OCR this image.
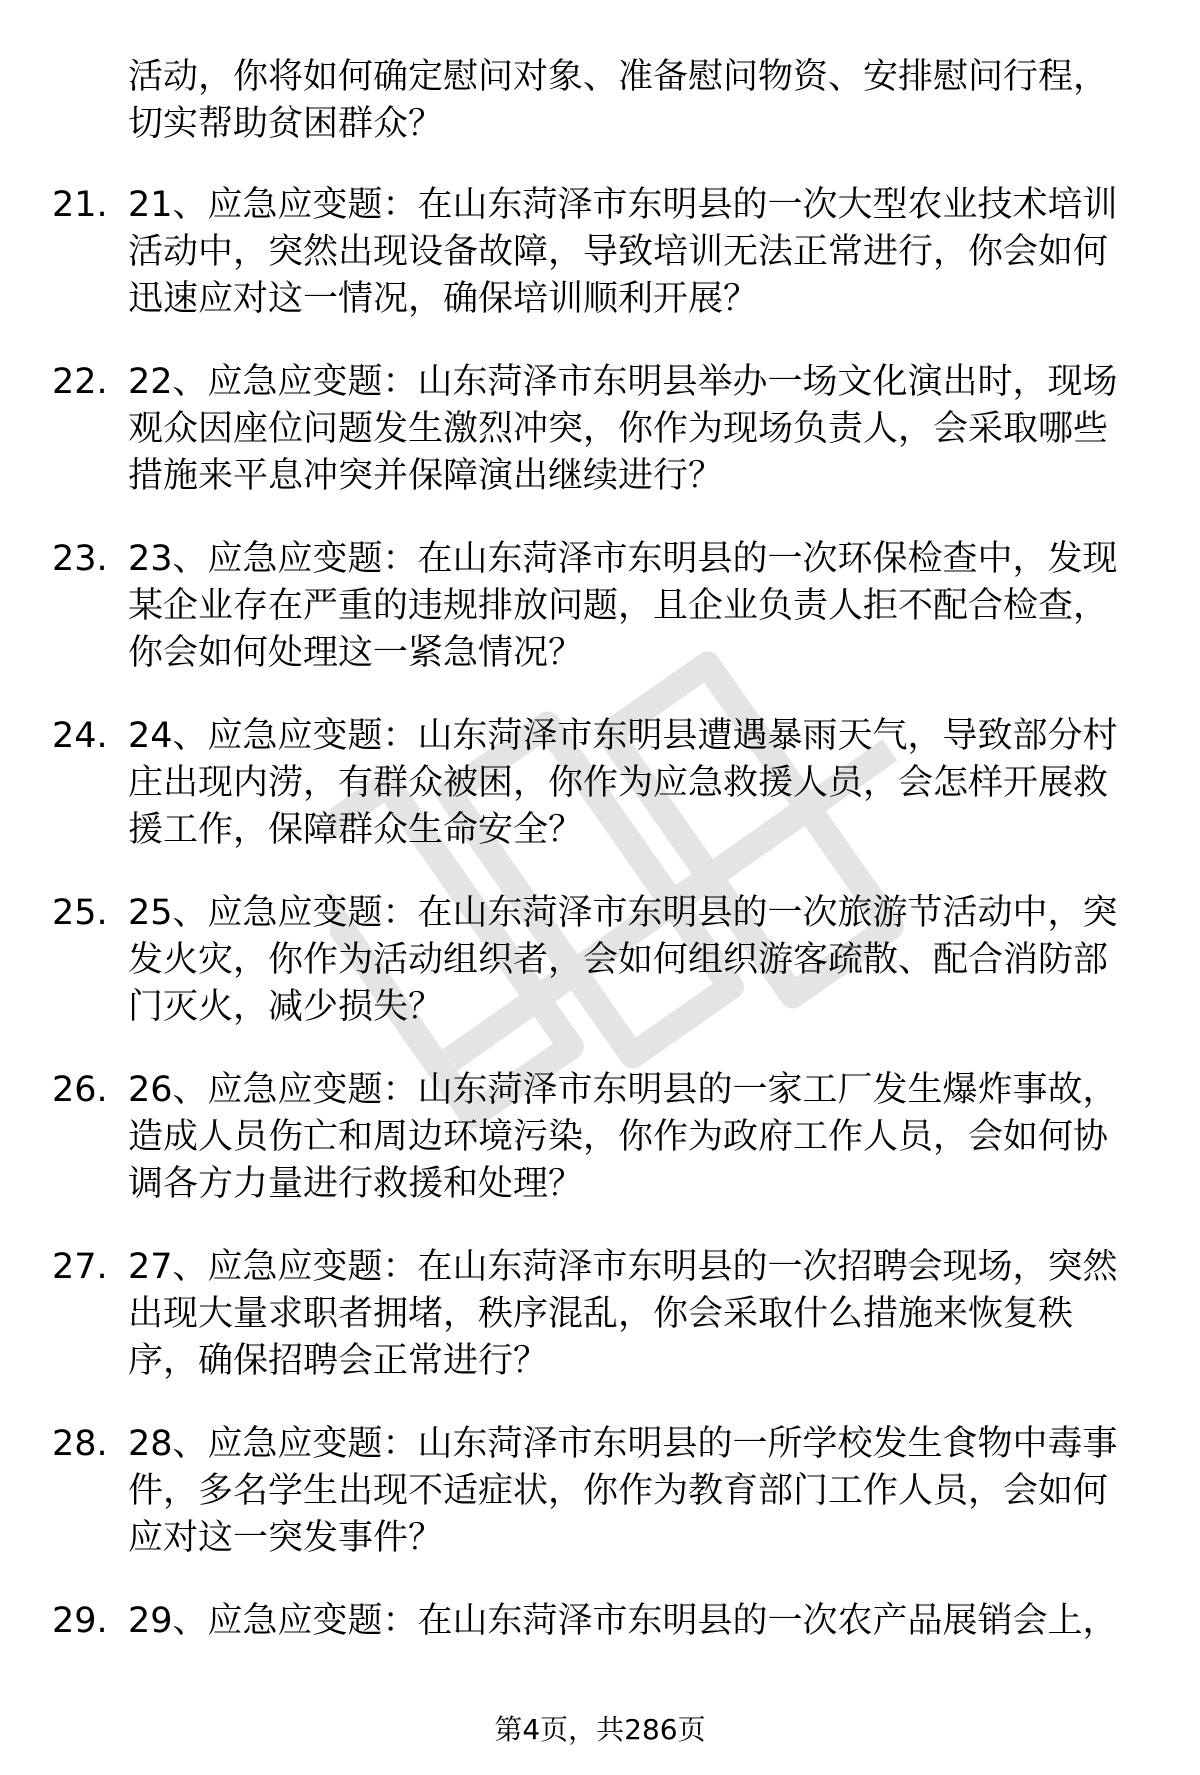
活动，你将如何确定慰问对象、准备慰问物资、安排慰问行程，
切实帮助贫困群众？
21. 21、应急应变题：在山东菏泽市东明县的一次大型农业技术培训
活动中，突然出现设备故障，导致培训无法正常进行，你会如何
迅速应对这一情况，确保培训顺利开展？
22. 22、应急应变题：山东菏泽市东明县举办一场文化演出时，现场
观众因座位问题发生激烈冲突，你作为现场负责人，会采取哪些
措施来平息冲突并保障演出继续进行？
23. 23、应急应变题：在山东菏泽市东明县的一次环保检查中，发现
某企业存在严重的违规排放问题，且企业负责人拒不配合检查，
你会如何处理这一紧急情况？
24. 24、应急应变题：山东菏泽市东明县遭遇暴雨天气，导致部分村
庄出现内涝，有群众被困，你作为应急救援人员，会怎样开展救
援工作，保障群众生命安全？
25. 25、应急应变题：在山东菏泽市东明县的一次旅游节活动中，突
发火灾，你作为活动组织者，会如何组织游客疏散、配合消防部
门灭火，减少损失？
26. 26、应急应变题：山东菏泽市东明县的一家工厂发生爆炸事故，
造成人员伤亡和周边环境污染，你作为政府工作人员，会如何协
调各方力量进行救援和处理？
27. 27、应急应变题：在山东菏泽市东明县的一次招聘会现场，突然
出现大量求职者拥堵，秩序混乱，你会采取什么措施来恢复秩
序，确保招聘会正常进行？
28. 28、应急应变题：山东菏泽市东明县的一所学校发生食物中毒事
件，多名学生出现不适症状，你作为教育部门工作人员，会如何
应对这一突发事件？
29. 29、应急应变题：在山东菏泽市东明县的一次农产品展销会上，
第4页，共286页
